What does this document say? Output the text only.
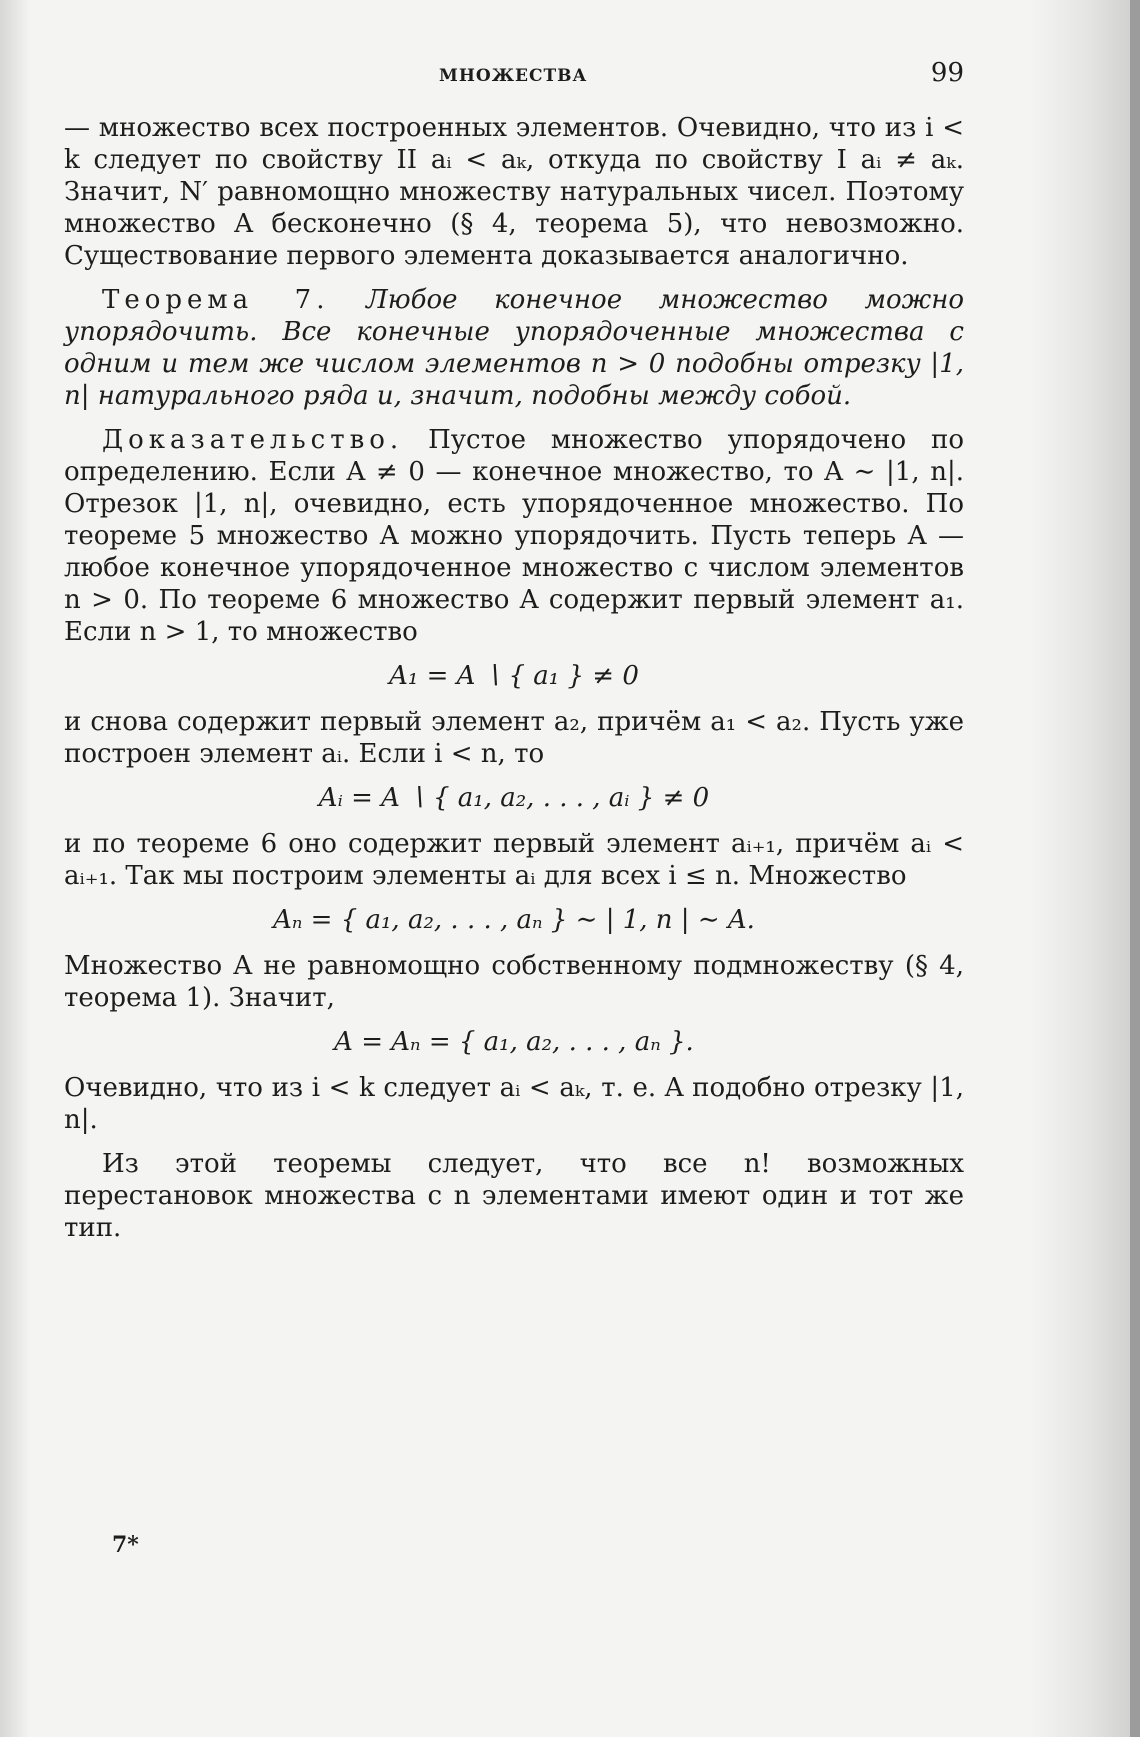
МНОЖЕСТВА	99

— множество всех построенных элементов. Очевидно, что из i < k следует по свойству II aᵢ < aₖ, откуда по свойству I aᵢ ≠ aₖ. Значит, N′ равномощно множеству натуральных чисел. Поэтому множество A бесконечно (§ 4, теорема 5), что невозможно. Существование первого элемента доказывается аналогично.

Теорема 7. Любое конечное множество можно упорядочить. Все конечные упорядоченные множества с одним и тем же числом элементов n > 0 подобны отрезку |1, n| натурального ряда и, значит, подобны между собой.

Доказательство. Пустое множество упорядочено по определению. Если A ≠ 0 — конечное множество, то A ∼ |1, n|. Отрезок |1, n|, очевидно, есть упорядоченное множество. По теореме 5 множество A можно упорядочить. Пусть теперь A — любое конечное упорядоченное множество с числом элементов n > 0. По теореме 6 множество A содержит первый элемент a₁. Если n > 1, то множество

A₁ = A ∖ { a₁ } ≠ 0

и снова содержит первый элемент a₂, причём a₁ < a₂. Пусть уже построен элемент aᵢ. Если i < n, то

Aᵢ = A ∖ { a₁, a₂, . . . , aᵢ } ≠ 0

и по теореме 6 оно содержит первый элемент aᵢ₊₁, причём aᵢ < aᵢ₊₁. Так мы построим элементы aᵢ для всех i ≤ n. Множество

Aₙ = { a₁, a₂, . . . , aₙ } ∼ | 1, n | ∼ A.

Множество A не равномощно собственному подмножеству (§ 4, теорема 1). Значит,

A = Aₙ = { a₁, a₂, . . . , aₙ }.

Очевидно, что из i < k следует aᵢ < aₖ, т. е. A подобно отрезку |1, n|.

Из этой теоремы следует, что все n! возможных перестановок множества с n элементами имеют один и тот же тип.

7*
